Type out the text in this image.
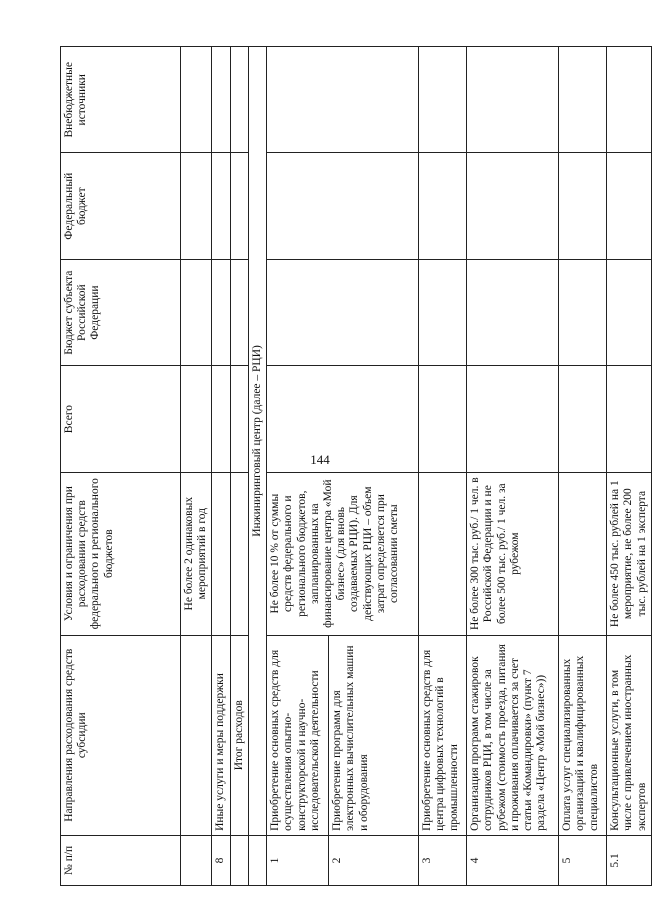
144
№ п/п	Направления расходования средств субсидии	Условия и ограничения при расходовании средств федерального и регионального бюджетов	Всего	Бюджет субъекта Российской Федерации	Федеральный бюджет	Внебюджетные источники
		Не более 2 одинаковых мероприятий в год				
8	Иные услуги и меры поддержки					
	Итог расходов					
	Инжиниринговый центр (далее – РЦИ)					
1	Приобретение основных средств для осуществления опытно-конструкторской и научно-исследовательской деятельности	Не более 10 % от суммы средств федерального и регионального бюджетов, запланированных на финансирование центра «Мой бизнес» (для вновь создаваемых РЦИ). Для действующих РЦИ – объем затрат определяется при согласовании сметы				
2	Приобретение программ для электронных вычислительных машин и оборудования					
3	Приобретение основных средств для центра цифровых технологий в промышленности					
4	Организация программ стажировок сотрудников РЦИ, в том числе за рубежом (стоимость проезда, питания и проживания оплачивается за счет статьи «Командировки» (пункт 7 раздела «Центр «Мой бизнес»))	Не более 300 тыс. руб./ 1 чел. в Российской Федерации и не более 500 тыс. руб./ 1 чел. за рубежом				
5	Оплата услуг специализированных организаций и квалифицированных специалистов					
5.1	Консультационные услуги, в том числе с привлечением иностранных экспертов	Не более 450 тыс. рублей на 1 мероприятие, не более 200 тыс. рублей на 1 эксперта				
